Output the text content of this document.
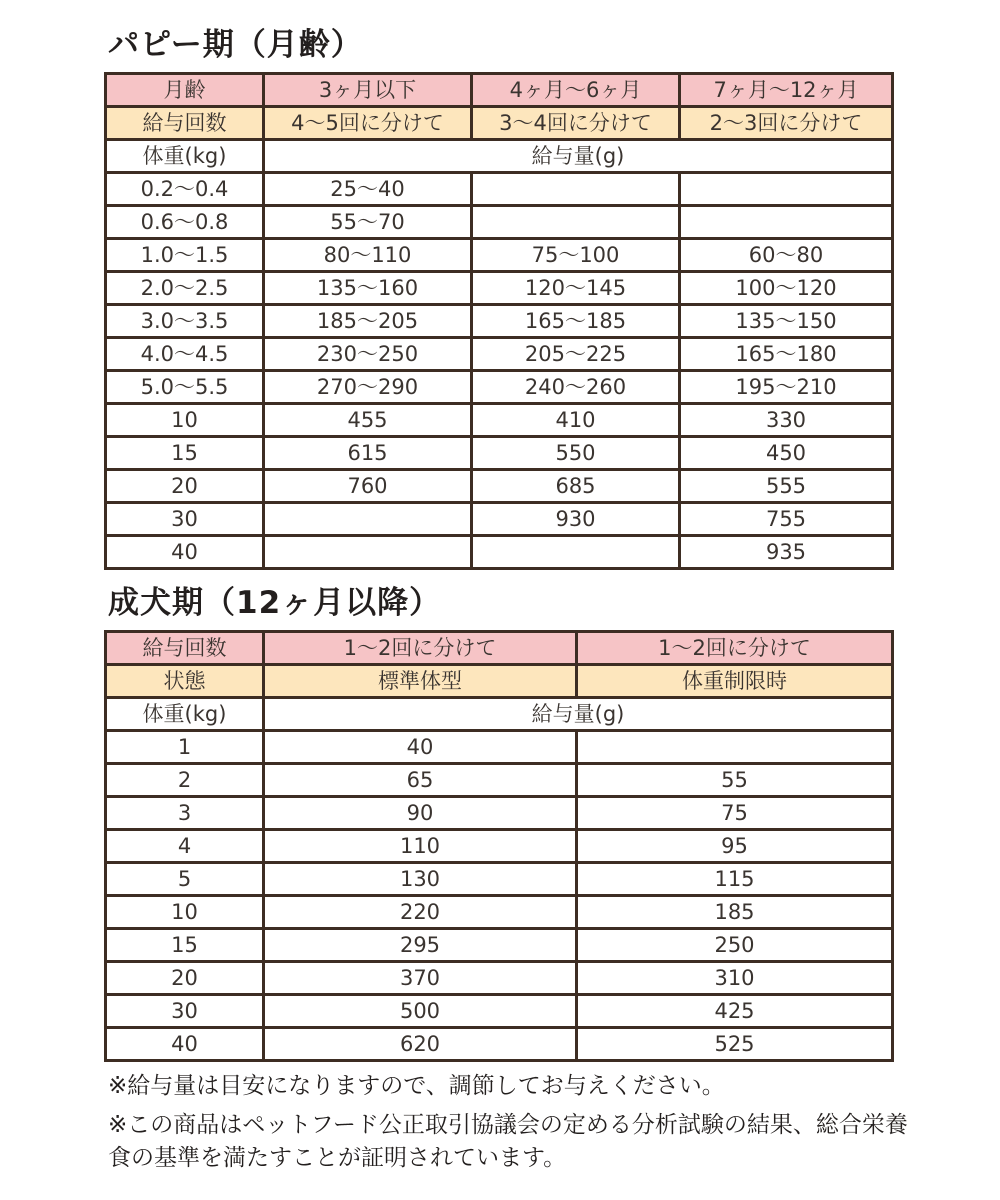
パピー期（月齢）
月齢	3ヶ月以下	4ヶ月〜6ヶ月	7ヶ月〜12ヶ月
給与回数	4〜5回に分けて	3〜4回に分けて	2〜3回に分けて
体重(kg)	給与量(g)		
0.2〜0.4	25〜40		
0.6〜0.8	55〜70		
1.0〜1.5	80〜110	75〜100	60〜80
2.0〜2.5	135〜160	120〜145	100〜120
3.0〜3.5	185〜205	165〜185	135〜150
4.0〜4.5	230〜250	205〜225	165〜180
5.0〜5.5	270〜290	240〜260	195〜210
10	455	410	330
15	615	550	450
20	760	685	555
30		930	755
40			935
成犬期（12ヶ月以降）
給与回数	1〜2回に分けて	1〜2回に分けて
状態	標準体型	体重制限時
体重(kg)	給与量(g)	
1	40	
2	65	55
3	90	75
4	110	95
5	130	115
10	220	185
15	295	250
20	370	310
30	500	425
40	620	525

※給与量は目安になりますので、調節してお与えください。

※この商品はペットフード公正取引協議会の定める分析試験の結果、総合栄養食の基準を満たすことが証明されています。
